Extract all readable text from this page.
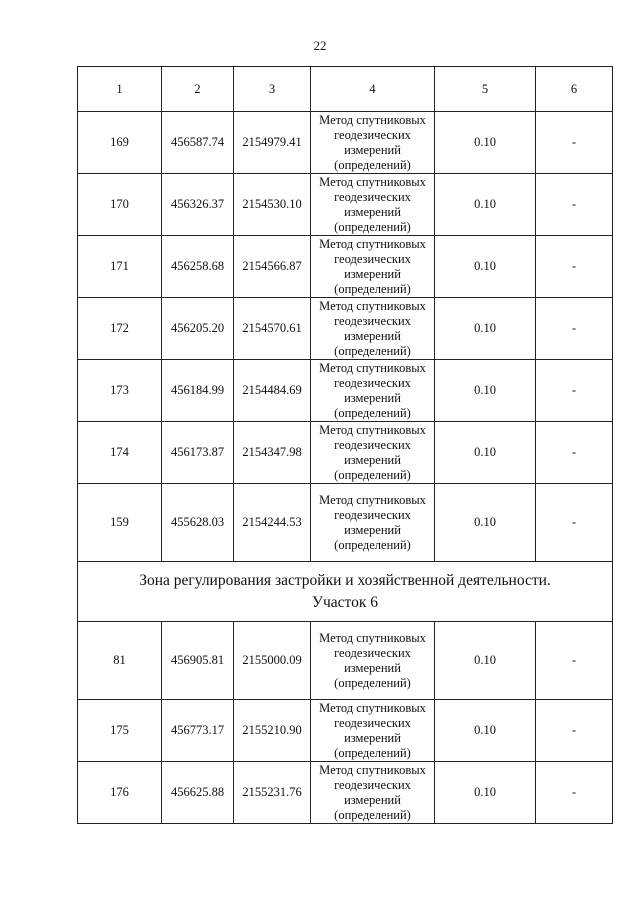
22
1	2	3	4	5	6
169	456587.74	2154979.41	Метод спутниковых
геодезических
измерений
(определений)	0.10	-
170	456326.37	2154530.10	Метод спутниковых
геодезических
измерений
(определений)	0.10	-
171	456258.68	2154566.87	Метод спутниковых
геодезических
измерений
(определений)	0.10	-
172	456205.20	2154570.61	Метод спутниковых
геодезических
измерений
(определений)	0.10	-
173	456184.99	2154484.69	Метод спутниковых
геодезических
измерений
(определений)	0.10	-
174	456173.87	2154347.98	Метод спутниковых
геодезических
измерений
(определений)	0.10	-
159	455628.03	2154244.53	Метод спутниковых
геодезических
измерений
(определений)	0.10	-

Зона регулирования застройки и хозяйственной деятельности.
Участок 6					

81	456905.81	2155000.09	Метод спутниковых
геодезических
измерений
(определений)	0.10	-
175	456773.17	2155210.90	Метод спутниковых
геодезических
измерений
(определений)	0.10	-
176	456625.88	2155231.76	Метод спутниковых
геодезических
измерений
(определений)	0.10	-
